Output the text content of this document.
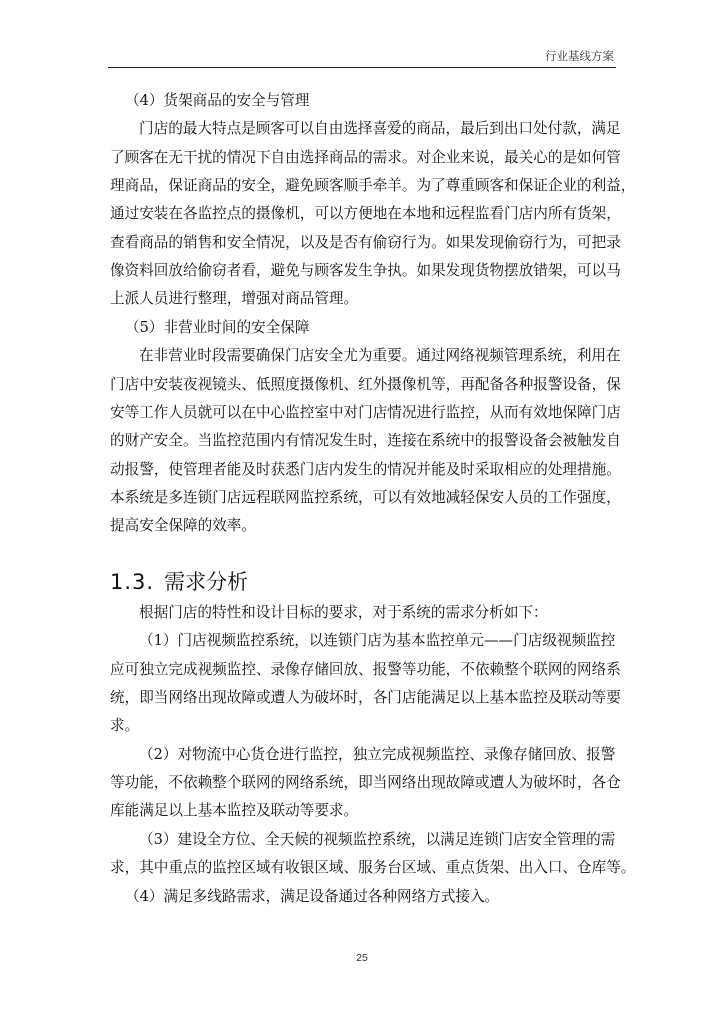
行业基线方案
（4）货架商品的安全与管理
门店的最大特点是顾客可以自由选择喜爱的商品，最后到出口处付款，满足
了顾客在无干扰的情况下自由选择商品的需求。对企业来说，最关心的是如何管
理商品，保证商品的安全，避免顾客顺手牵羊。为了尊重顾客和保证企业的利益，
通过安装在各监控点的摄像机，可以方便地在本地和远程监看门店内所有货架，
查看商品的销售和安全情况，以及是否有偷窃行为。如果发现偷窃行为，可把录
像资料回放给偷窃者看，避免与顾客发生争执。如果发现货物摆放错架，可以马
上派人员进行整理，增强对商品管理。
（5）非营业时间的安全保障
在非营业时段需要确保门店安全尤为重要。通过网络视频管理系统，利用在
门店中安装夜视镜头、低照度摄像机、红外摄像机等，再配备各种报警设备，保
安等工作人员就可以在中心监控室中对门店情况进行监控，从而有效地保障门店
的财产安全。当监控范围内有情况发生时，连接在系统中的报警设备会被触发自
动报警，使管理者能及时获悉门店内发生的情况并能及时采取相应的处理措施。
本系统是多连锁门店远程联网监控系统，可以有效地减轻保安人员的工作强度，
提高安全保障的效率。
根据门店的特性和设计目标的要求，对于系统的需求分析如下：
（1）门店视频监控系统，以连锁门店为基本监控单元——门店级视频监控
应可独立完成视频监控、录像存储回放、报警等功能，不依赖整个联网的网络系
统，即当网络出现故障或遭人为破坏时，各门店能满足以上基本监控及联动等要
求。
（2）对物流中心货仓进行监控，独立完成视频监控、录像存储回放、报警
等功能，不依赖整个联网的网络系统，即当网络出现故障或遭人为破坏时，各仓
库能满足以上基本监控及联动等要求。
（3）建设全方位、全天候的视频监控系统，以满足连锁门店安全管理的需
求，其中重点的监控区域有收银区域、服务台区域、重点货架、出入口、仓库等。
（4）满足多线路需求，满足设备通过各种网络方式接入。
1.3. 需求分析
25
